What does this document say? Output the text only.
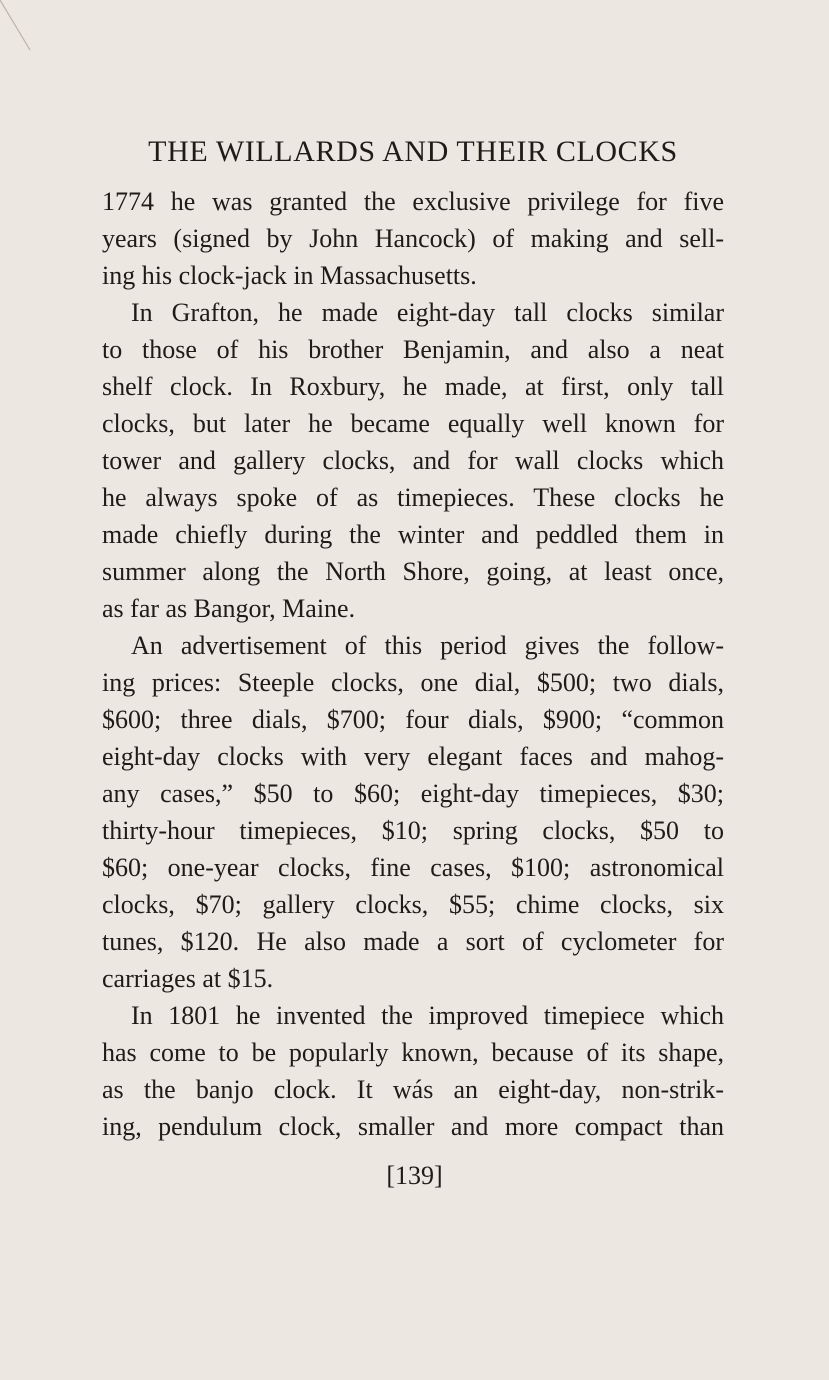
THE WILLARDS AND THEIR CLOCKS
1774 he was granted the exclusive privilege for five
years (signed by John Hancock) of making and sell-
ing his clock-jack in Massachusetts.
In Grafton, he made eight-day tall clocks similar
to those of his brother Benjamin, and also a neat
shelf clock. In Roxbury, he made, at first, only tall
clocks, but later he became equally well known for
tower and gallery clocks, and for wall clocks which
he always spoke of as timepieces. These clocks he
made chiefly during the winter and peddled them in
summer along the North Shore, going, at least once,
as far as Bangor, Maine.
An advertisement of this period gives the follow-
ing prices: Steeple clocks, one dial, $500; two dials,
$600; three dials, $700; four dials, $900; “common
eight-day clocks with very elegant faces and mahog-
any cases,” $50 to $60; eight-day timepieces, $30;
thirty-hour timepieces, $10; spring clocks, $50 to
$60; one-year clocks, fine cases, $100; astronomical
clocks, $70; gallery clocks, $55; chime clocks, six
tunes, $120. He also made a sort of cyclometer for
carriages at $15.
In 1801 he invented the improved timepiece which
has come to be popularly known, because of its shape,
as the banjo clock. It wás an eight-day, non-strik-
ing, pendulum clock, smaller and more compact than

[139]
